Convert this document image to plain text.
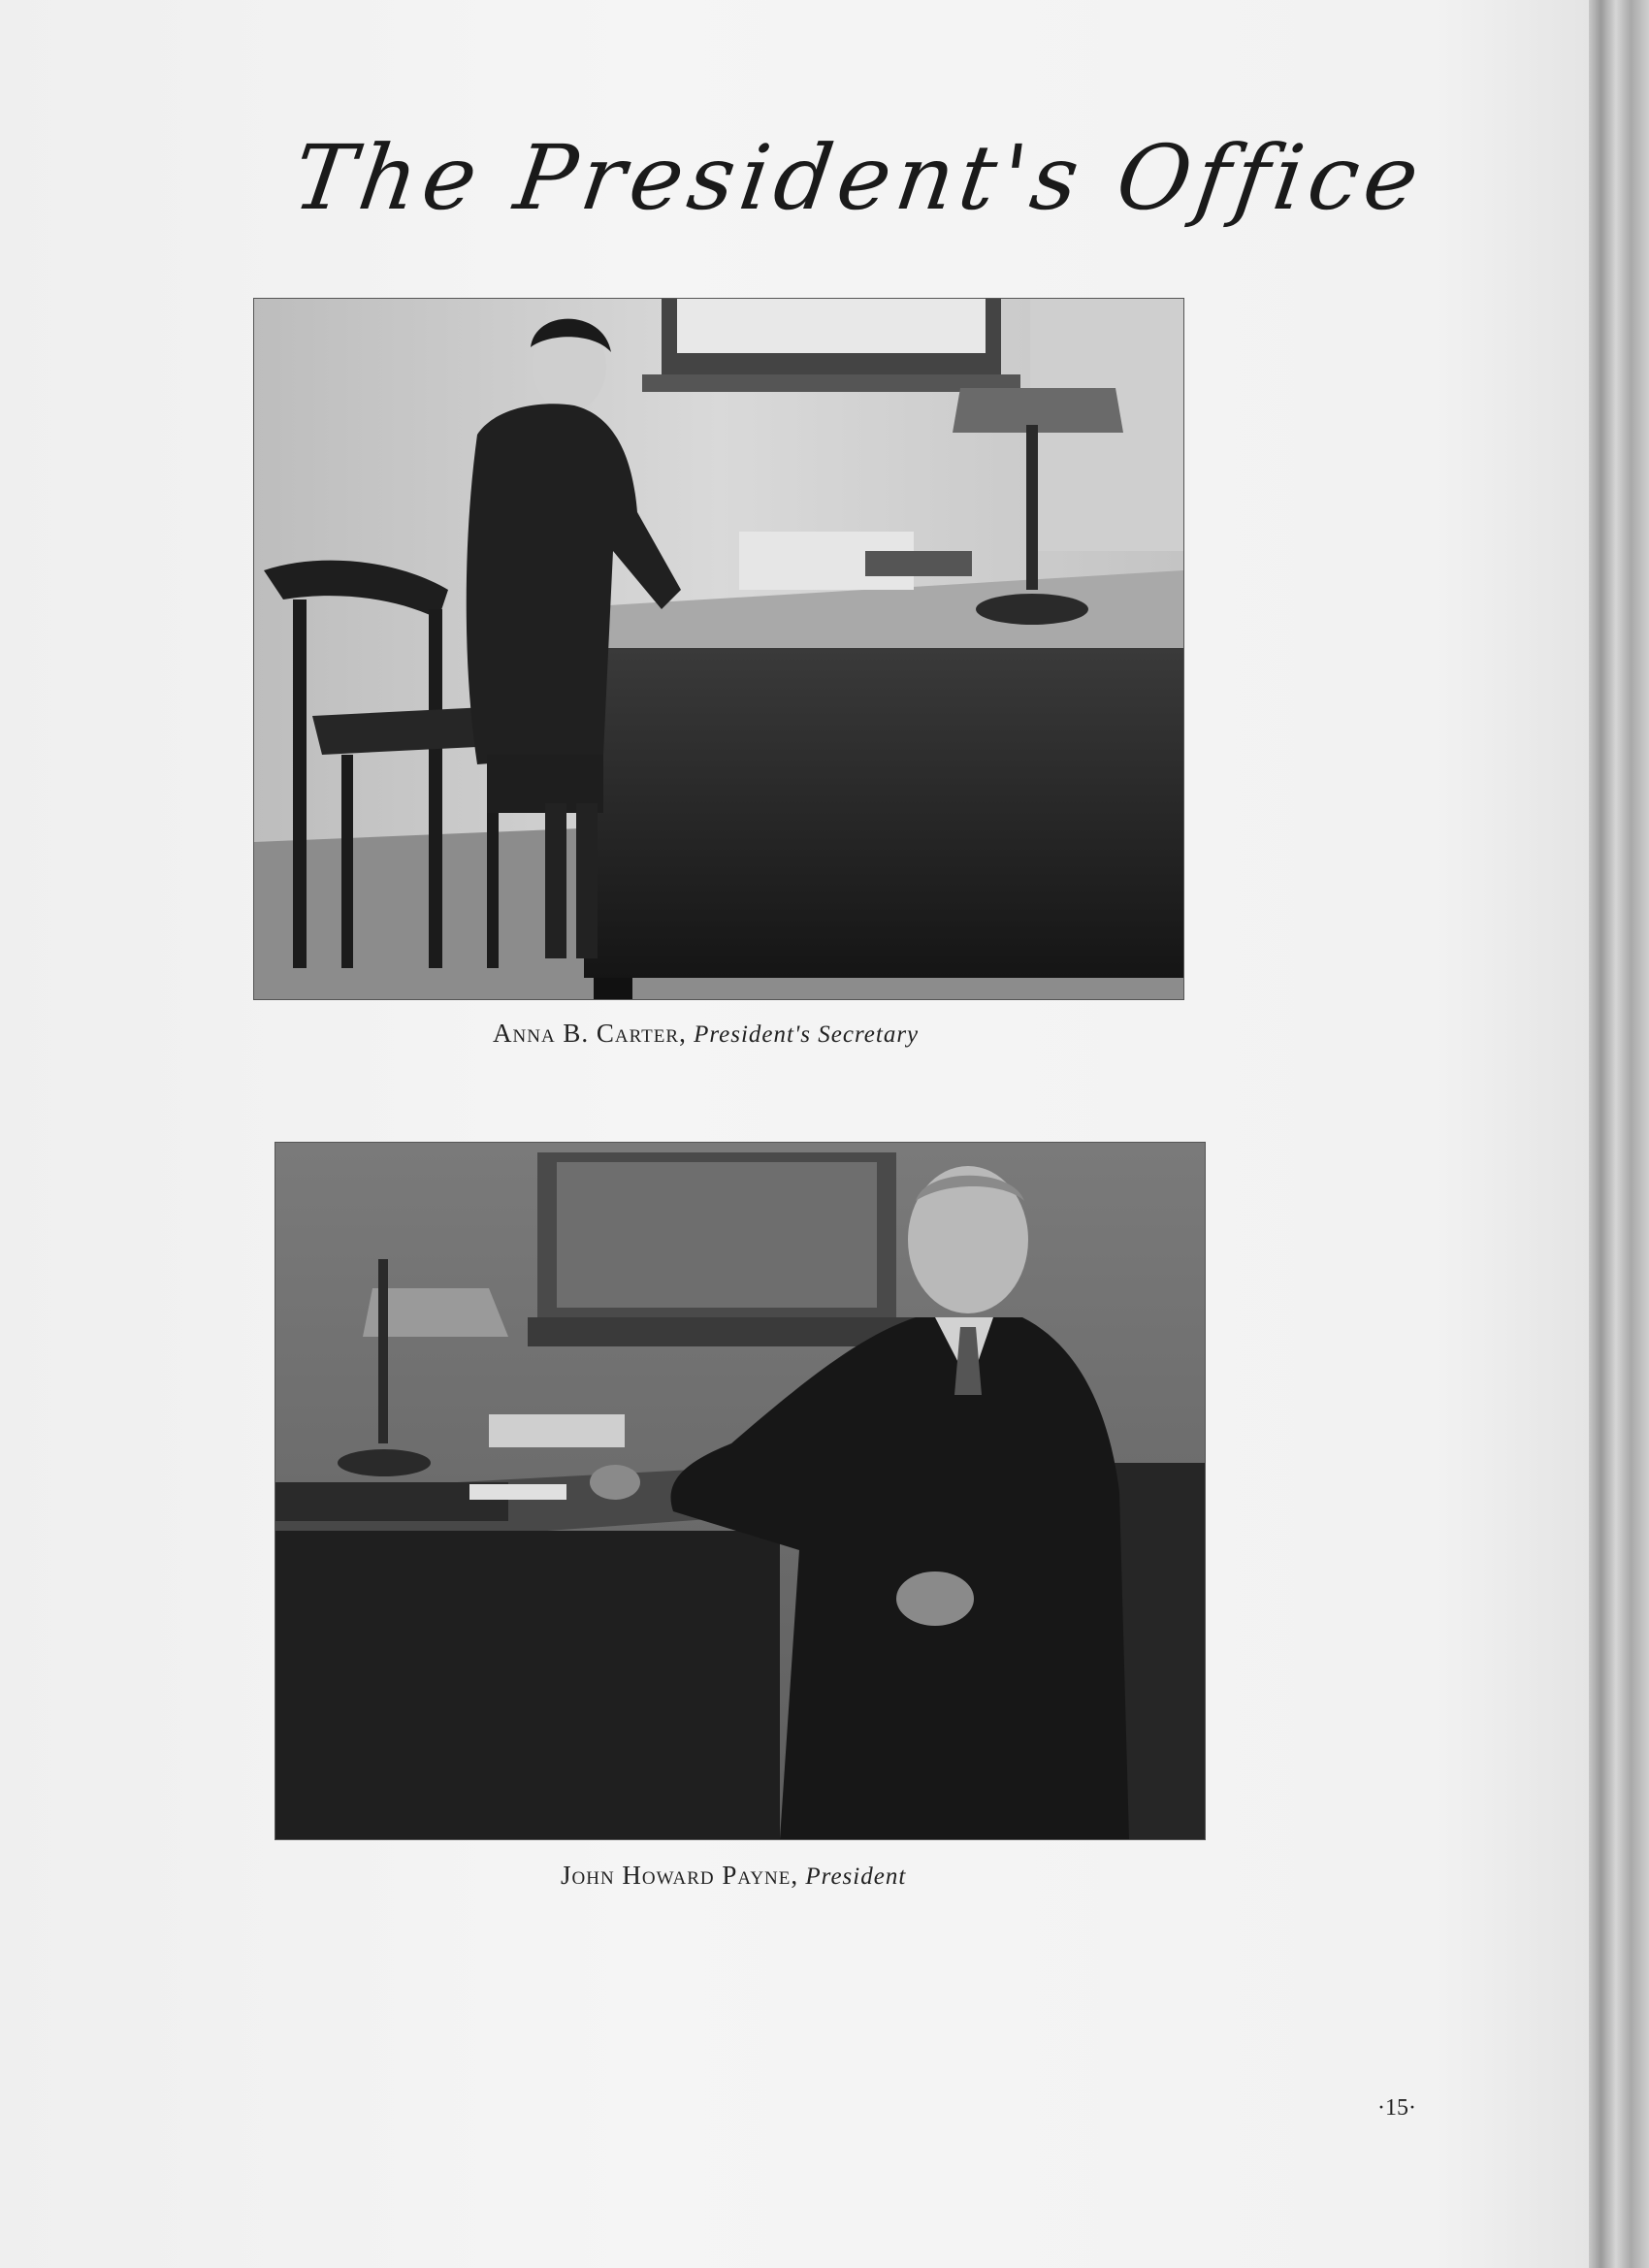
The President's Office
Anna B. Carter, President's Secretary
John Howard Payne, President
·15·
